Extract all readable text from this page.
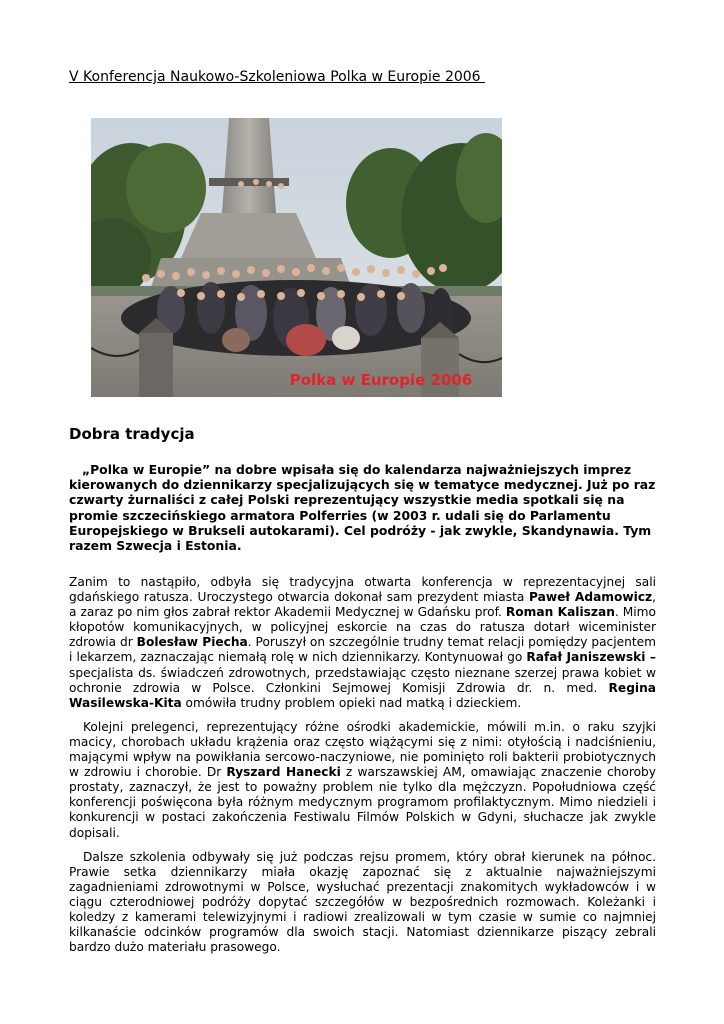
V Konferencja Naukowo-Szkoleniowa Polka w Europie 2006
Polka w Europie 2006
Dobra tradycja
„Polka w Europie” na dobre wpisała się do kalendarza najważniejszych imprez kierowanych do dziennikarzy specjalizujących się w tematyce medycznej. Już po raz czwarty żurnaliści z całej Polski reprezentujący wszystkie media spotkali się na promie szczecińskiego armatora Polferries (w 2003 r. udali się do Parlamentu Europejskiego w Brukseli autokarami). Cel podróży - jak zwykle, Skandynawia. Tym razem Szwecja i Estonia.

Zanim to nastąpiło, odbyła się tradycyjna otwarta konferencja w reprezentacyjnej sali gdańskiego ratusza. Uroczystego otwarcia dokonał sam prezydent miasta Paweł Adamowicz, a zaraz po nim głos zabrał rektor Akademii Medycznej w Gdańsku prof. Roman Kaliszan. Mimo kłopotów komunikacyjnych, w policyjnej eskorcie na czas do ratusza dotarł wiceminister zdrowia dr Bolesław Piecha. Poruszył on szczególnie trudny temat relacji pomiędzy pacjentem i lekarzem, zaznaczając niemałą rolę w nich dziennikarzy. Kontynuował go Rafał Janiszewski – specjalista ds. świadczeń zdrowotnych, przedstawiając często nieznane szerzej prawa kobiet w ochronie zdrowia w Polsce. Członkini Sejmowej Komisji Zdrowia dr. n. med. Regina Wasilewska-Kita omówiła trudny problem opieki nad matką i dzieckiem.

Kolejni prelegenci, reprezentujący różne ośrodki akademickie, mówili m.in. o raku szyjki macicy, chorobach układu krążenia oraz często wiążącymi się z nimi: otyłością i nadciśnieniu, mającymi wpływ na powikłania sercowo-naczyniowe, nie pominięto roli bakterii probiotycznych w zdrowiu i chorobie. Dr Ryszard Hanecki z warszawskiej AM, omawiając znaczenie choroby prostaty, zaznaczył, że jest to poważny problem nie tylko dla mężczyzn. Popołudniowa część konferencji poświęcona była różnym medycznym programom profilaktycznym. Mimo niedzieli i konkurencji w postaci zakończenia Festiwalu Filmów Polskich w Gdyni, słuchacze jak zwykle dopisali.

Dalsze szkolenia odbywały się już podczas rejsu promem, który obrał kierunek na północ. Prawie setka dziennikarzy miała okazję zapoznać się z aktualnie najważniejszymi zagadnieniami zdrowotnymi w Polsce, wysłuchać prezentacji znakomitych wykładowców i w ciągu czterodniowej podróży dopytać szczegółów w bezpośrednich rozmowach. Koleżanki i koledzy z kamerami telewizyjnymi i radiowi zrealizowali w tym czasie w sumie co najmniej kilkanaście odcinków programów dla swoich stacji. Natomiast dziennikarze piszący zebrali bardzo dużo materiału prasowego.
